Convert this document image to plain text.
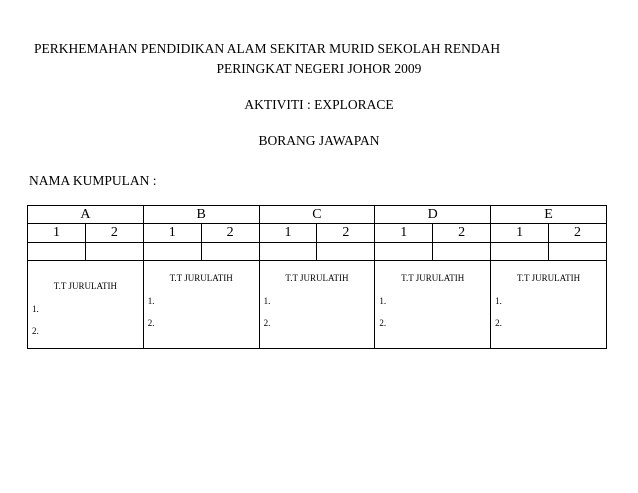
PERKHEMAHAN PENDIDIKAN ALAM SEKITAR MURID SEKOLAH RENDAH
PERINGKAT NEGERI JOHOR 2009
AKTIVITI : EXPLORACE
BORANG JAWAPAN
NAMA KUMPULAN :
A		B		C		D		E	
1	2	1	2	1	2	1	2	1	2

T.T JURULATIH
1.
2.		T.T JURULATIH
1.
2.		T.T JURULATIH
1.
2.		T.T JURULATIH
1.
2.		T.T JURULATIH
1.
2.	
